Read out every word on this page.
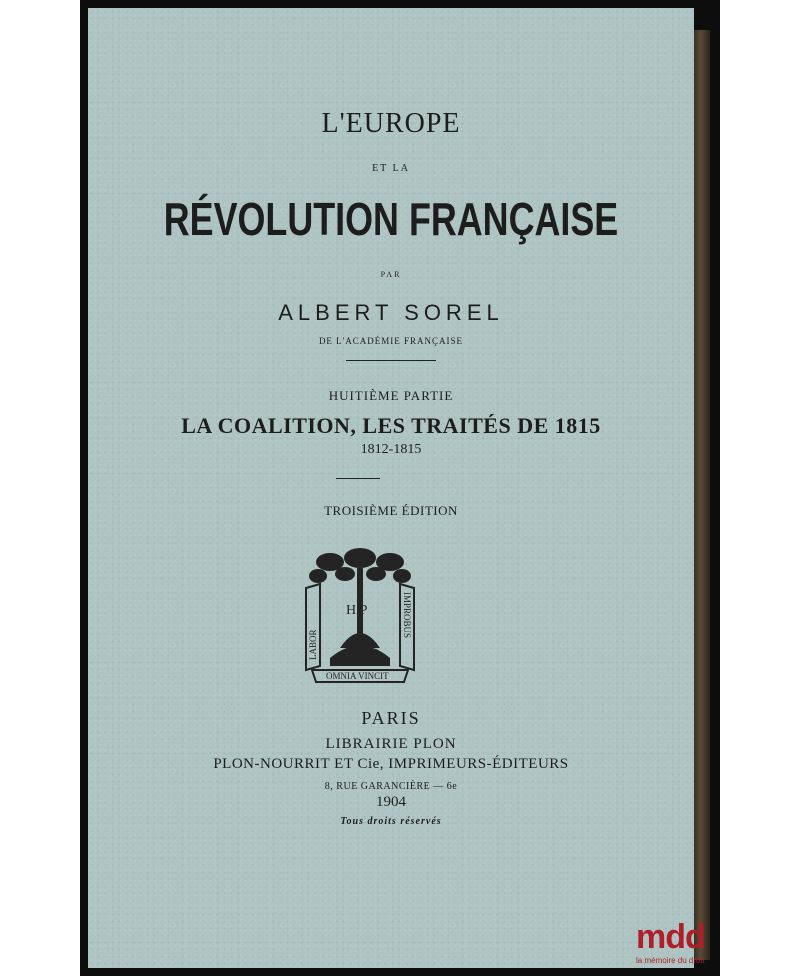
L'EUROPE
ET LA
RÉVOLUTION FRANÇAISE
PAR
ALBERT SOREL
DE L'ACADÉMIE FRANÇAISE
HUITIÈME PARTIE
LA COALITION, LES TRAITÉS DE 1815
1812-1815
TROISIÈME ÉDITION
H P
LABOR
IMPROBUS
OMNIA VINCIT
PARIS
LIBRAIRIE PLON
PLON-NOURRIT ET Cie, IMPRIMEURS-ÉDITEURS
8, RUE GARANCIÈRE — 6e
1904
Tous droits réservés
mdd
la mémoire du droit
